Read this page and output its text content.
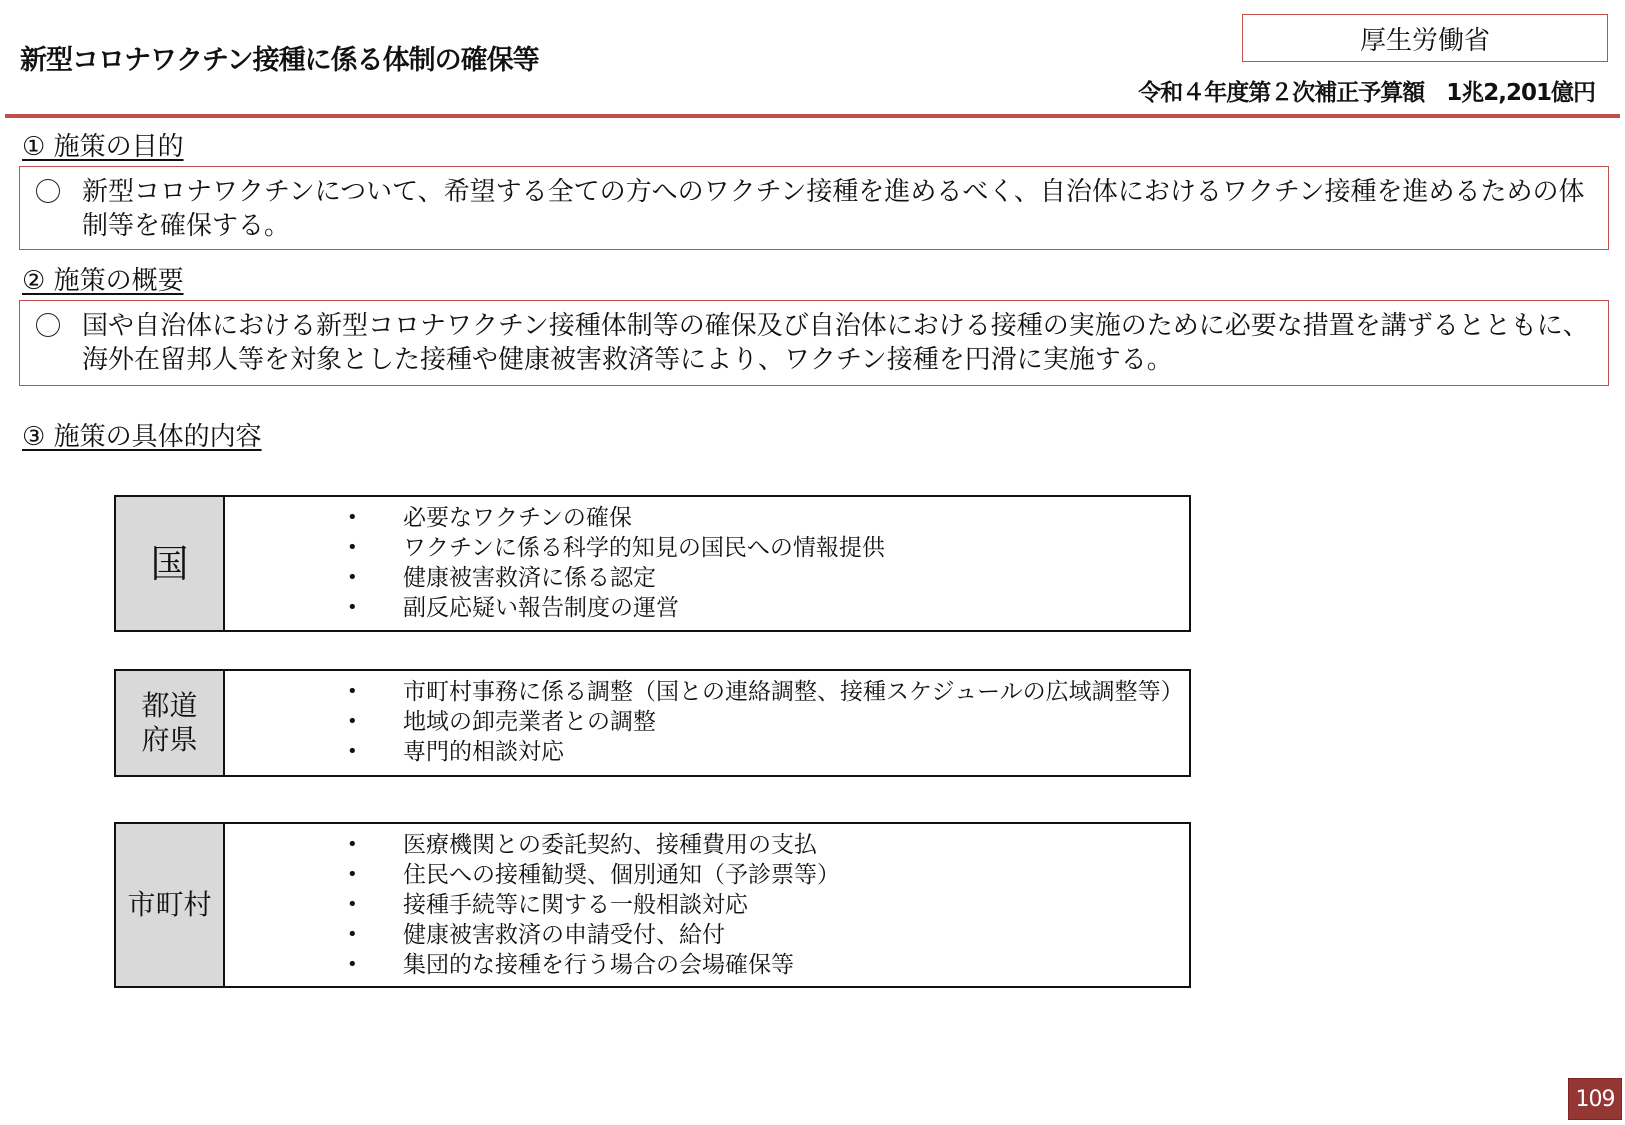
新型コロナワクチン接種に係る体制の確保等
厚生労働省
令和４年度第２次補正予算額　1兆2,201億円
① 施策の目的
新型コロナワクチンについて、希望する全ての方へのワクチン接種を進めるべく、自治体におけるワクチン接種を進めるための体制等を確保する。
② 施策の概要
国や自治体における新型コロナワクチン接種体制等の確保及び自治体における接種の実施のために必要な措置を講ずるとともに、海外在留邦人等を対象とした接種や健康被害救済等により、ワクチン接種を円滑に実施する。
③ 施策の具体的内容
国
• 必要なワクチンの確保
• ワクチンに係る科学的知見の国民への情報提供
• 健康被害救済に係る認定
• 副反応疑い報告制度の運営
都道府県
• 市町村事務に係る調整（国との連絡調整、接種スケジュールの広域調整等）
• 地域の卸売業者との調整
• 専門的相談対応
市町村
• 医療機関との委託契約、接種費用の支払
• 住民への接種勧奨、個別通知（予診票等）
• 接種手続等に関する一般相談対応
• 健康被害救済の申請受付、給付
• 集団的な接種を行う場合の会場確保等
109
